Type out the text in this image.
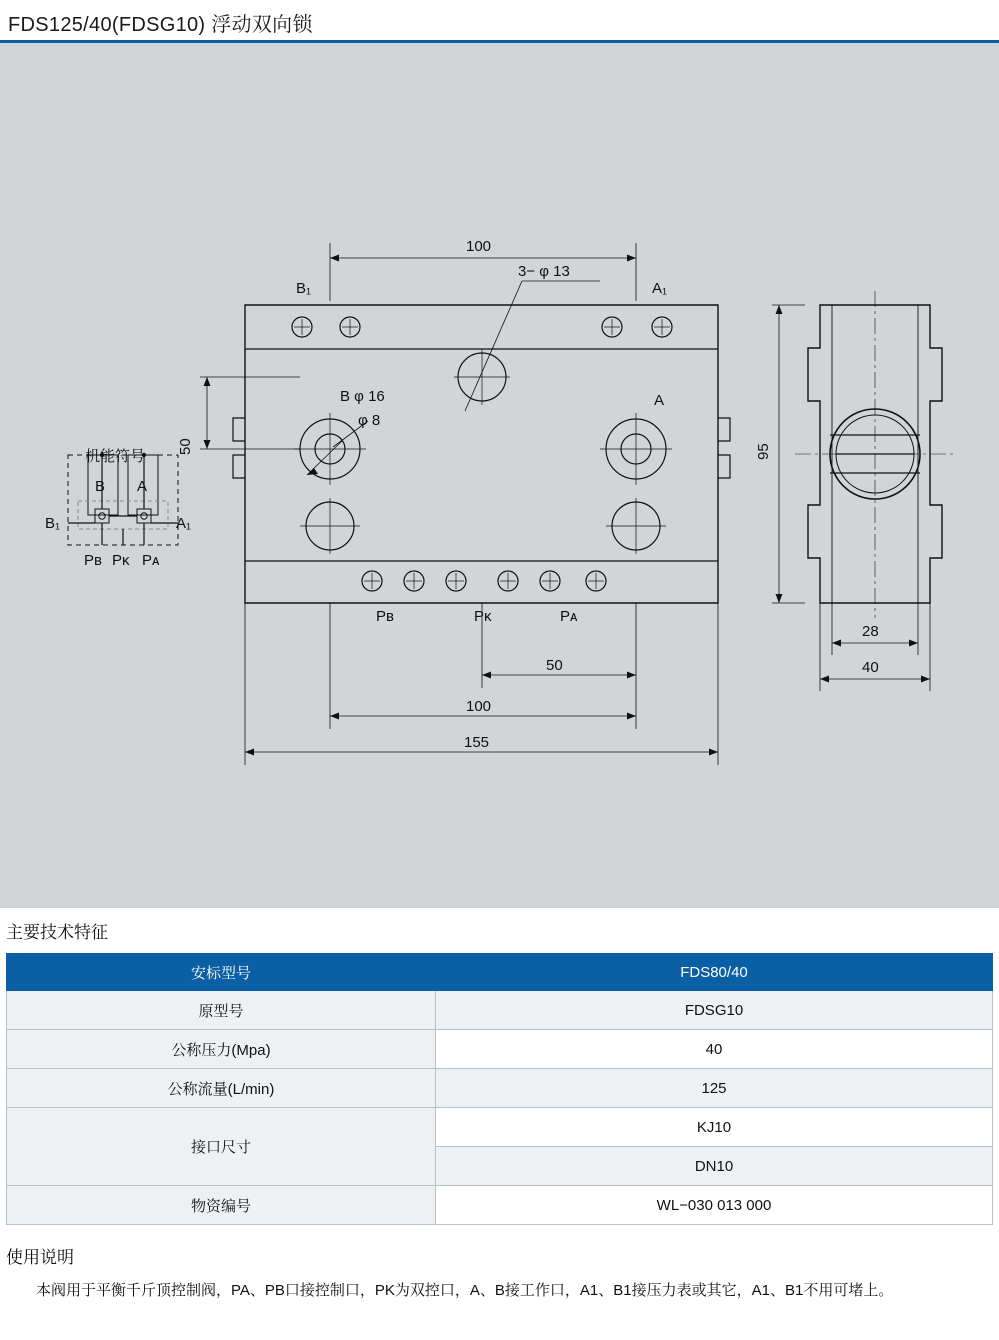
FDS125/40(FDSG10) 浮动双向锁
机能符号
B A
B₁	A₁
Pʙ Pᴋ Pᴀ
100
50
50
100
155
3− φ 13
B φ 16
φ 8
B₁	A₁
A
Pʙ	Pᴋ	Pᴀ
95
28
40
主要技术特征
安标型号	FDS80/40
原型号	FDSG10
公称压力(Mpa)	40
公称流量(L/min)	125
接口尺寸	KJ10
	DN10
物资编号	WL−030 013 000
使用说明
本阀用于平衡千斤顶控制阀，PA、PB口接控制口，PK为双控口，A、B接工作口，A1、B1接压力表或其它，A1、B1不用可堵上。
